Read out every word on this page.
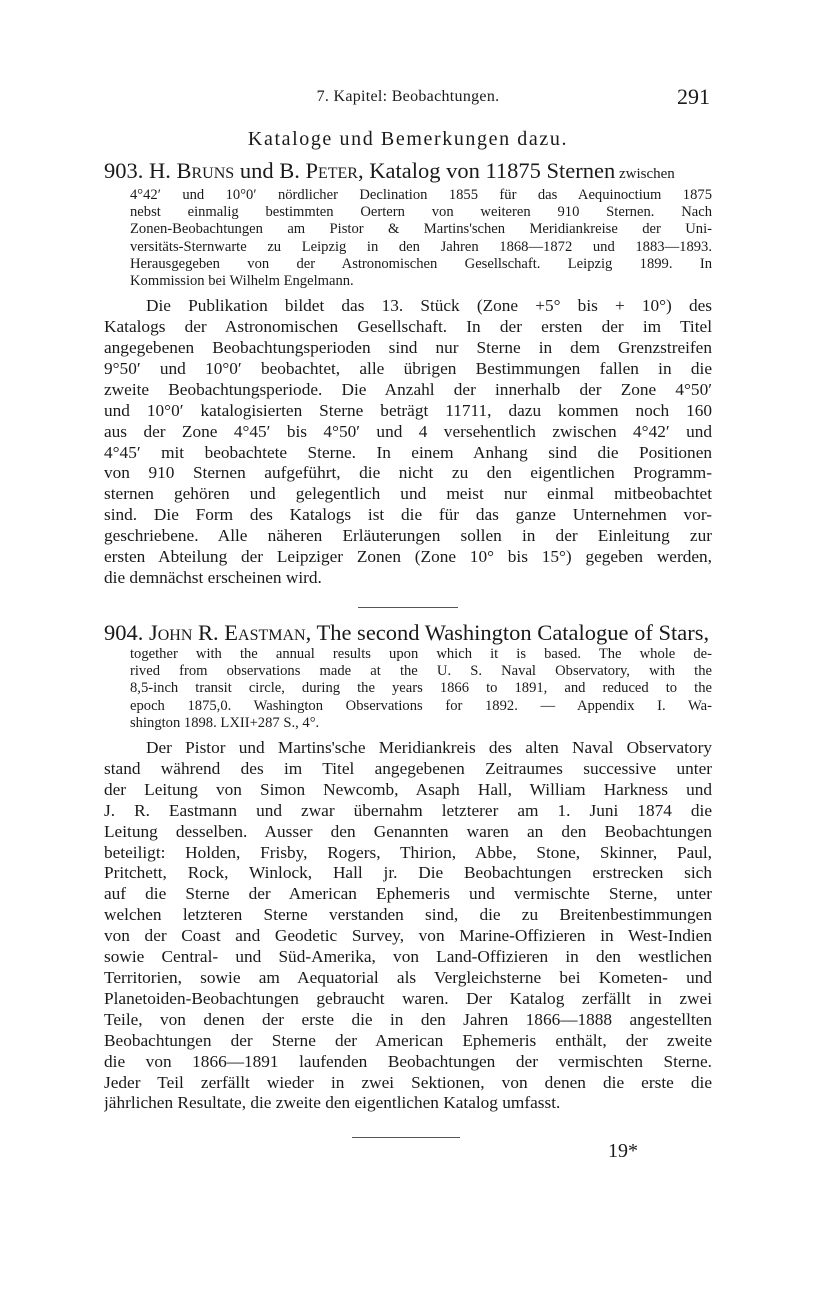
7. Kapitel: Beobachtungen.	291
Kataloge und Bemerkungen dazu.
903. H. Bruns und B. Peter, Katalog von 11875 Sternen zwischen
4°42′ und 10°0′ nördlicher Declination 1855 für das Aequinoctium 1875
nebst einmalig bestimmten Oertern von weiteren 910 Sternen. Nach
Zonen-Beobachtungen am Pistor & Martins'schen Meridiankreise der Uni-
versitäts-Sternwarte zu Leipzig in den Jahren 1868—1872 und 1883—1893.
Herausgegeben von der Astronomischen Gesellschaft. Leipzig 1899. In
Kommission bei Wilhelm Engelmann.
Die Publikation bildet das 13. Stück (Zone +5° bis + 10°) des
Katalogs der Astronomischen Gesellschaft. In der ersten der im Titel
angegebenen Beobachtungsperioden sind nur Sterne in dem Grenzstreifen
9°50′ und 10°0′ beobachtet, alle übrigen Bestimmungen fallen in die
zweite Beobachtungsperiode. Die Anzahl der innerhalb der Zone 4°50′
und 10°0′ katalogisierten Sterne beträgt 11711, dazu kommen noch 160
aus der Zone 4°45′ bis 4°50′ und 4 versehentlich zwischen 4°42′ und
4°45′ mit beobachtete Sterne. In einem Anhang sind die Positionen
von 910 Sternen aufgeführt, die nicht zu den eigentlichen Programm-
sternen gehören und gelegentlich und meist nur einmal mitbeobachtet
sind. Die Form des Katalogs ist die für das ganze Unternehmen vor-
geschriebene. Alle näheren Erläuterungen sollen in der Einleitung zur
ersten Abteilung der Leipziger Zonen (Zone 10° bis 15°) gegeben werden,
die demnächst erscheinen wird.
904. John R. Eastman, The second Washington Catalogue of Stars,
together with the annual results upon which it is based. The whole de-
rived from observations made at the U. S. Naval Observatory, with the
8,5-inch transit circle, during the years 1866 to 1891, and reduced to the
epoch 1875,0. Washington Observations for 1892. — Appendix I. Wa-
shington 1898. LXII+287 S., 4°.
Der Pistor und Martins'sche Meridiankreis des alten Naval Observatory
stand während des im Titel angegebenen Zeitraumes successive unter
der Leitung von Simon Newcomb, Asaph Hall, William Harkness und
J. R. Eastmann und zwar übernahm letzterer am 1. Juni 1874 die
Leitung desselben. Ausser den Genannten waren an den Beobachtungen
beteiligt: Holden, Frisby, Rogers, Thirion, Abbe, Stone, Skinner, Paul,
Pritchett, Rock, Winlock, Hall jr. Die Beobachtungen erstrecken sich
auf die Sterne der American Ephemeris und vermischte Sterne, unter
welchen letzteren Sterne verstanden sind, die zu Breitenbestimmungen
von der Coast and Geodetic Survey, von Marine-Offizieren in West-Indien
sowie Central- und Süd-Amerika, von Land-Offizieren in den westlichen
Territorien, sowie am Aequatorial als Vergleichsterne bei Kometen- und
Planetoiden-Beobachtungen gebraucht waren. Der Katalog zerfällt in zwei
Teile, von denen der erste die in den Jahren 1866—1888 angestellten
Beobachtungen der Sterne der American Ephemeris enthält, der zweite
die von 1866—1891 laufenden Beobachtungen der vermischten Sterne.
Jeder Teil zerfällt wieder in zwei Sektionen, von denen die erste die
jährlichen Resultate, die zweite den eigentlichen Katalog umfasst.
19*
